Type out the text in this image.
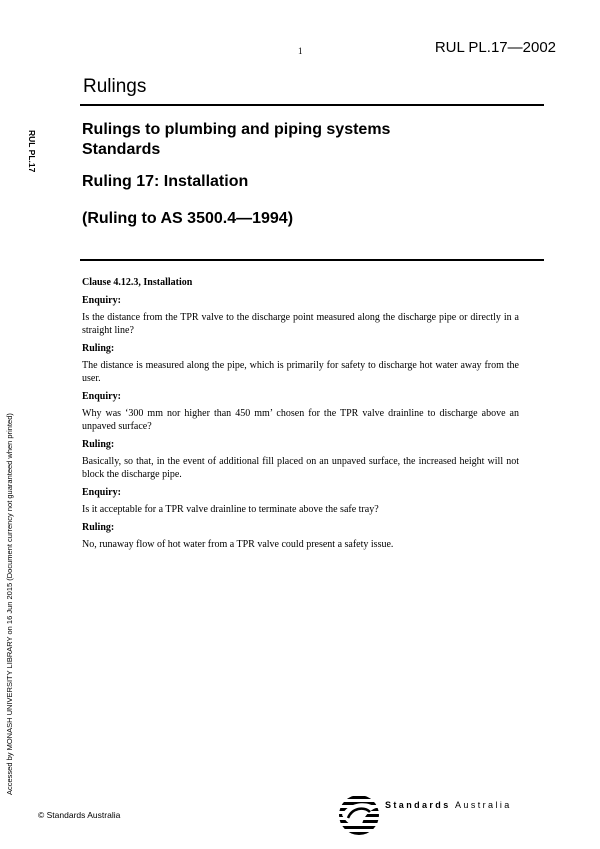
1	RUL PL.17—2002
Rulings
Rulings to plumbing and piping systems
Standards
Ruling 17: Installation
(Ruling to AS 3500.4—1994)
RUL PL.17
Accessed by MONASH UNIVERSITY LIBRARY on 16 Jun 2015 (Document currency not guaranteed when printed)

Clause 4.12.3, Installation

Enquiry:

Is the distance from the TPR valve to the discharge point measured along the discharge pipe or directly in a straight line?

Ruling:

The distance is measured along the pipe, which is primarily for safety to discharge hot water away from the user.

Enquiry:

Why was ‘300 mm nor higher than 450 mm’ chosen for the TPR valve drainline to discharge above an unpaved surface?

Ruling:

Basically, so that, in the event of additional fill placed on an unpaved surface, the increased height will not block the discharge pipe.

Enquiry:

Is it acceptable for a TPR valve drainline to terminate above the safe tray?

Ruling:

No, runaway flow of hot water from a TPR valve could present a safety issue.

© Standards Australia
Standards Australia
